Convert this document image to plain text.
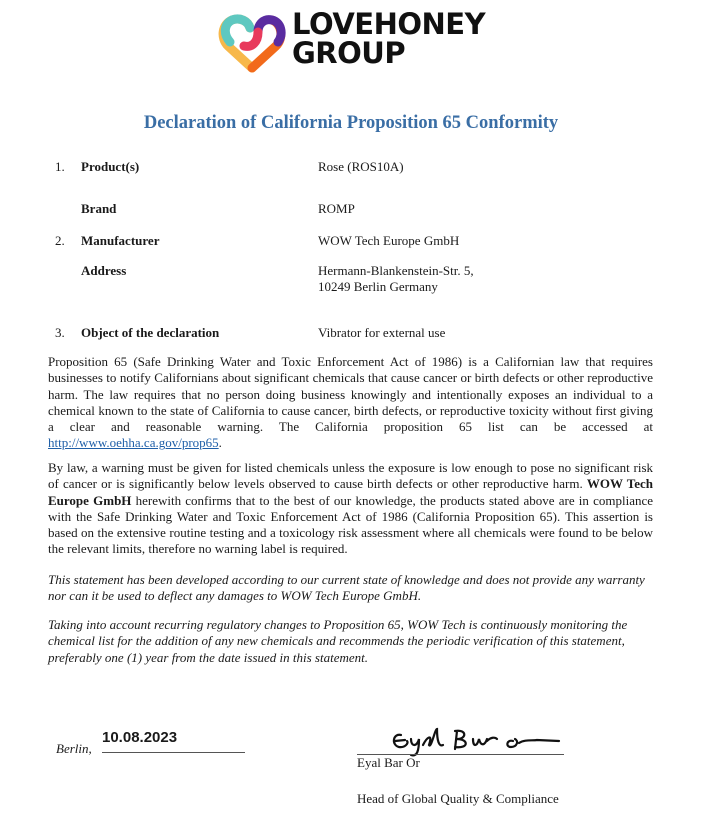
LOVEHONEY
GROUP
Declaration of California Proposition 65 Conformity
1. Product(s)	Rose (ROS10A)
Brand	ROMP
2. Manufacturer	WOW Tech Europe GmbH
Address	Hermann-Blankenstein-Str. 5,
10249 Berlin Germany
3. Object of the declaration	Vibrator for external use
Proposition 65 (Safe Drinking Water and Toxic Enforcement Act of 1986) is a Californian law that requires businesses to notify Californians about significant chemicals that cause cancer or birth defects or other reproductive harm. The law requires that no person doing business knowingly and intentionally exposes an individual to a chemical known to the state of California to cause cancer, birth defects, or reproductive toxicity without first giving a clear and reasonable warning. The California proposition 65 list can be accessed at http://www.oehha.ca.gov/prop65.
By law, a warning must be given for listed chemicals unless the exposure is low enough to pose no significant risk of cancer or is significantly below levels observed to cause birth defects or other reproductive harm. WOW Tech Europe GmbH herewith confirms that to the best of our knowledge, the products stated above are in compliance with the Safe Drinking Water and Toxic Enforcement Act of 1986 (California Proposition 65). This assertion is based on the extensive routine testing and a toxicology risk assessment where all chemicals were found to be below the relevant limits, therefore no warning label is required.
This statement has been developed according to our current state of knowledge and does not provide any warranty nor can it be used to deflect any damages to WOW Tech Europe GmbH.
Taking into account recurring regulatory changes to Proposition 65, WOW Tech is continuously monitoring the chemical list for the addition of any new chemicals and recommends the periodic verification of this statement, preferably one (1) year from the date issued in this statement.
Berlin,
10.08.2023
Eyal Bar Or
Head of Global Quality & Compliance
